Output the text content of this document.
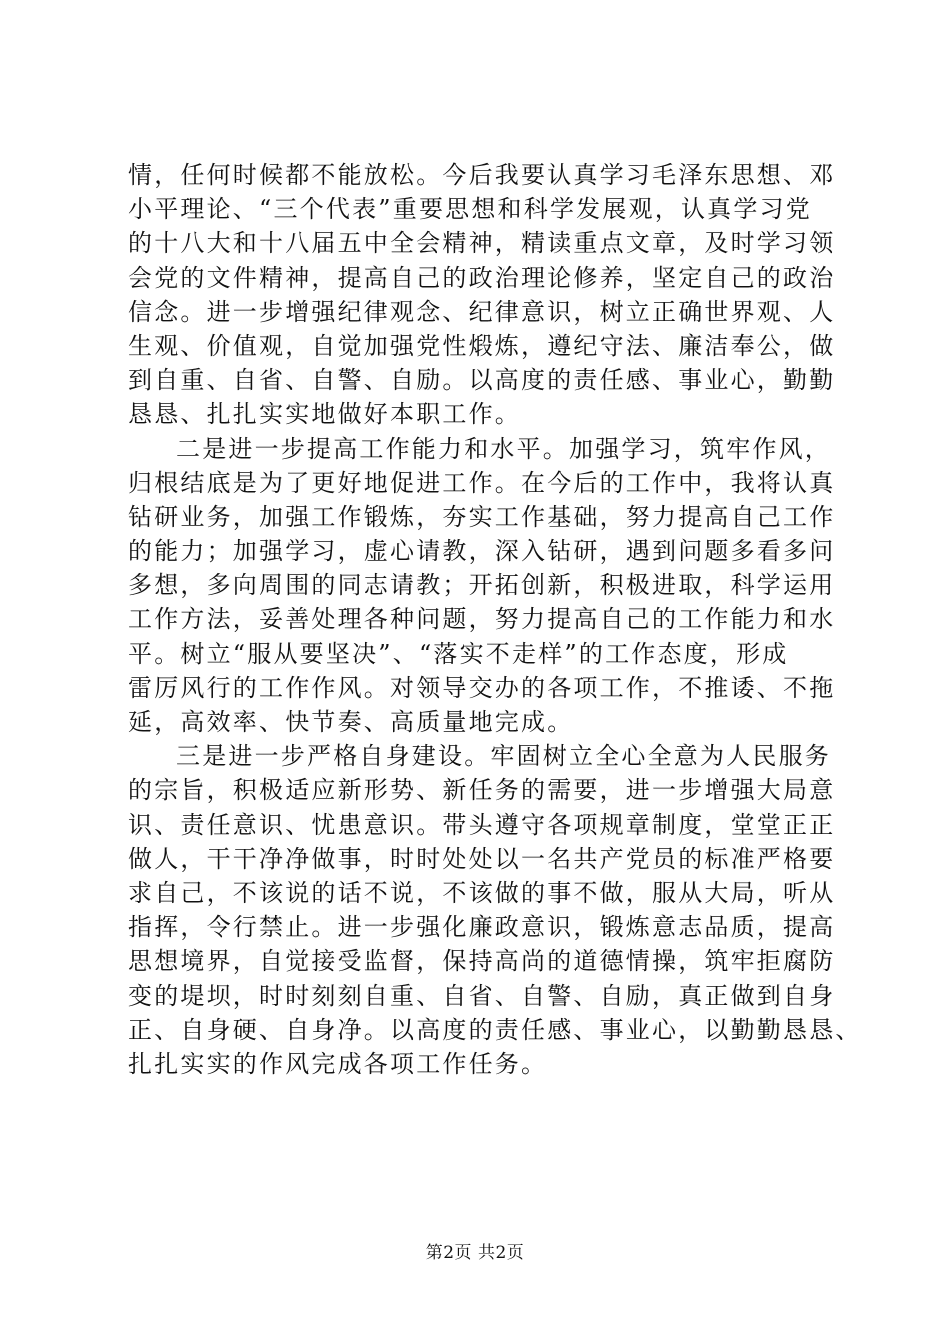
情，任何时候都不能放松。今后我要认真学习毛泽东思想、邓
小平理论、“三个代表”重要思想和科学发展观，认真学习党
的十八大和十八届五中全会精神，精读重点文章，及时学习领
会党的文件精神，提高自己的政治理论修养，坚定自己的政治
信念。进一步增强纪律观念、纪律意识，树立正确世界观、人
生观、价值观，自觉加强党性煅炼，遵纪守法、廉洁奉公，做
到自重、自省、自警、自励。以高度的责任感、事业心，勤勤
恳恳、扎扎实实地做好本职工作。
二是进一步提高工作能力和水平。加强学习，筑牢作风，
归根结底是为了更好地促进工作。在今后的工作中，我将认真
钻研业务，加强工作锻炼，夯实工作基础，努力提高自己工作
的能力；加强学习，虚心请教，深入钻研，遇到问题多看多问
多想，多向周围的同志请教；开拓创新，积极进取，科学运用
工作方法，妥善处理各种问题，努力提高自己的工作能力和水
平。树立“服从要坚决”、“落实不走样”的工作态度，形成
雷厉风行的工作作风。对领导交办的各项工作，不推诿、不拖
延，高效率、快节奏、高质量地完成。
三是进一步严格自身建设。牢固树立全心全意为人民服务
的宗旨，积极适应新形势、新任务的需要，进一步增强大局意
识、责任意识、忧患意识。带头遵守各项规章制度，堂堂正正
做人，干干净净做事，时时处处以一名共产党员的标准严格要
求自己，不该说的话不说，不该做的事不做，服从大局，听从
指挥，令行禁止。进一步强化廉政意识，锻炼意志品质，提高
思想境界，自觉接受监督，保持高尚的道德情操，筑牢拒腐防
变的堤坝，时时刻刻自重、自省、自警、自励，真正做到自身
正、自身硬、自身净。以高度的责任感、事业心，以勤勤恳恳、
扎扎实实的作风完成各项工作任务。
第2页 共2页
